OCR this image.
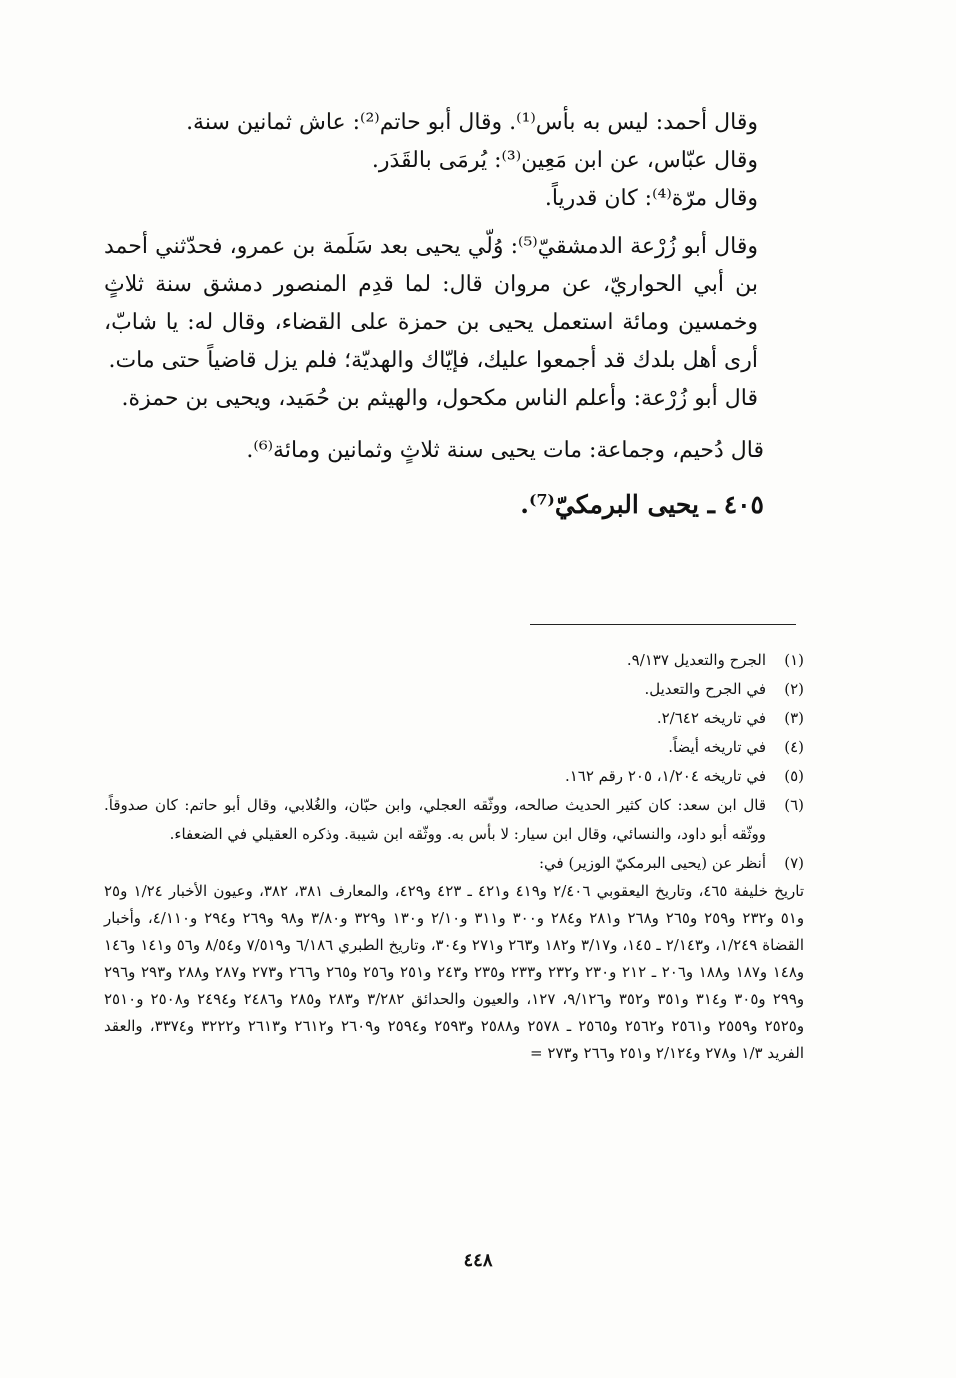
وقال أحمد: ليس به بأس⁽¹⁾. وقال أبو حاتم⁽²⁾: عاش ثمانين سنة.

وقال عبّاس، عن ابن مَعِين⁽³⁾: يُرمَى بالقَدَر.

وقال مرّة⁽⁴⁾: كان قدرياً.

وقال أبو زُرْعة الدمشقيّ⁽⁵⁾: وُلّي يحيى بعد سَلَمة بن عمرو، فحدّثني أحمد بن أبي الحواريّ، عن مروان قال: لما قدِم المنصور دمشق سنة ثلاثٍ وخمسين ومائة استعمل يحيى بن حمزة على القضاء، وقال له: يا شابّ، أرى أهل بلدك قد أجمعوا عليك، فإيّاك والهديّة؛ فلم يزل قاضياً حتى مات.

قال أبو زُرْعة: وأعلم الناس مكحول، والهيثم بن حُمَيد، ويحيى بن حمزة.

قال دُحيم، وجماعة: مات يحيى سنة ثلاثٍ وثمانين ومائة⁽⁶⁾.

٤٠٥ ـ يحيى البرمكيّ⁽⁷⁾.

(١)
الجرح والتعديل ٩/١٣٧.
(٢)
في الجرح والتعديل.
(٣)
في تاريخه ٢/٦٤٢.
(٤)
في تاريخه أيضاً.
(٥)
في تاريخه ١/٢٠٤، ٢٠٥ رقم ١٦٢.
(٦)
قال ابن سعد: كان كثير الحديث صالحه، ووثّقه العجلي، وابن حبّان، والغُلابي، وقال أبو حاتم: كان صدوقاً. ووثّقه أبو داود، والنسائي، وقال ابن سيار: لا بأس به. ووثّقه ابن شيبة. وذكره العقيلي في الضعفاء.
(٧)
أنظر عن (يحيى البرمكيّ الوزير) في:

تاريخ خليفة ٤٦٥، وتاريخ اليعقوبي ٢/٤٠٦ و٤١٩ و٤٢١ ـ ٤٢٣ و٤٢٩، والمعارف ٣٨١، ٣٨٢، وعيون الأخبار ١/٢٤ و٢٥ و٥١ و٢٣٢ و٢٥٩ و٢٦٥ و٢٦٨ و٢٨١ و٢٨٤ و٣٠٠ و٣١١ و٢/١٠ و١٣٠ و٣٢٩ و٣/٨٠ و٩٨ و٢٦٩ و٢٩٤ و٤/١١٠، وأخبار القضاة ١/٢٤٩، و٢/١٤٣ ـ ١٤٥، و٣/١٧ و١٨٢ و٢٦٣ و٢٧١ و٣٠٤، وتاريخ الطبري ٦/١٨٦ و٧/٥١٩ و٨/٥٤ و٥٦ و١٤١ و١٤٦ و١٤٨ و١٨٧ و١٨٨ و٢٠٦ ـ ٢١٢ و٢٣٠ و٢٣٢ و٢٣٣ و٢٣٥ و٢٤٣ و٢٥١ و٢٥٦ و٢٦٥ و٢٦٦ و٢٧٣ و٢٨٧ و٢٨٨ و٢٩٣ و٢٩٦ و٢٩٩ و٣٠٥ و٣١٤ و٣٥١ و٣٥٢ و٩/١٢٦، ١٢٧، والعيون والحدائق ٣/٢٨٢ و٢٨٣ و٢٨٥ و٢٤٨٦ و٢٤٩٤ و٢٥٠٨ و٢٥١٠ و٢٥٢٥ و٢٥٥٩ و٢٥٦١ و٢٥٦٢ و٢٥٦٥ ـ ٢٥٧٨ و٢٥٨٨ و٢٥٩٣ و٢٥٩٤ و٢٦٠٩ و٢٦١٢ و٢٦١٣ و٣٢٢٢ و٣٣٧٤، والعقد الفريد ١/٣ و٢٧٨ و٢/١٢٤ و٢٥١ و٢٦٦ و٢٧٣ =

٤٤٨
